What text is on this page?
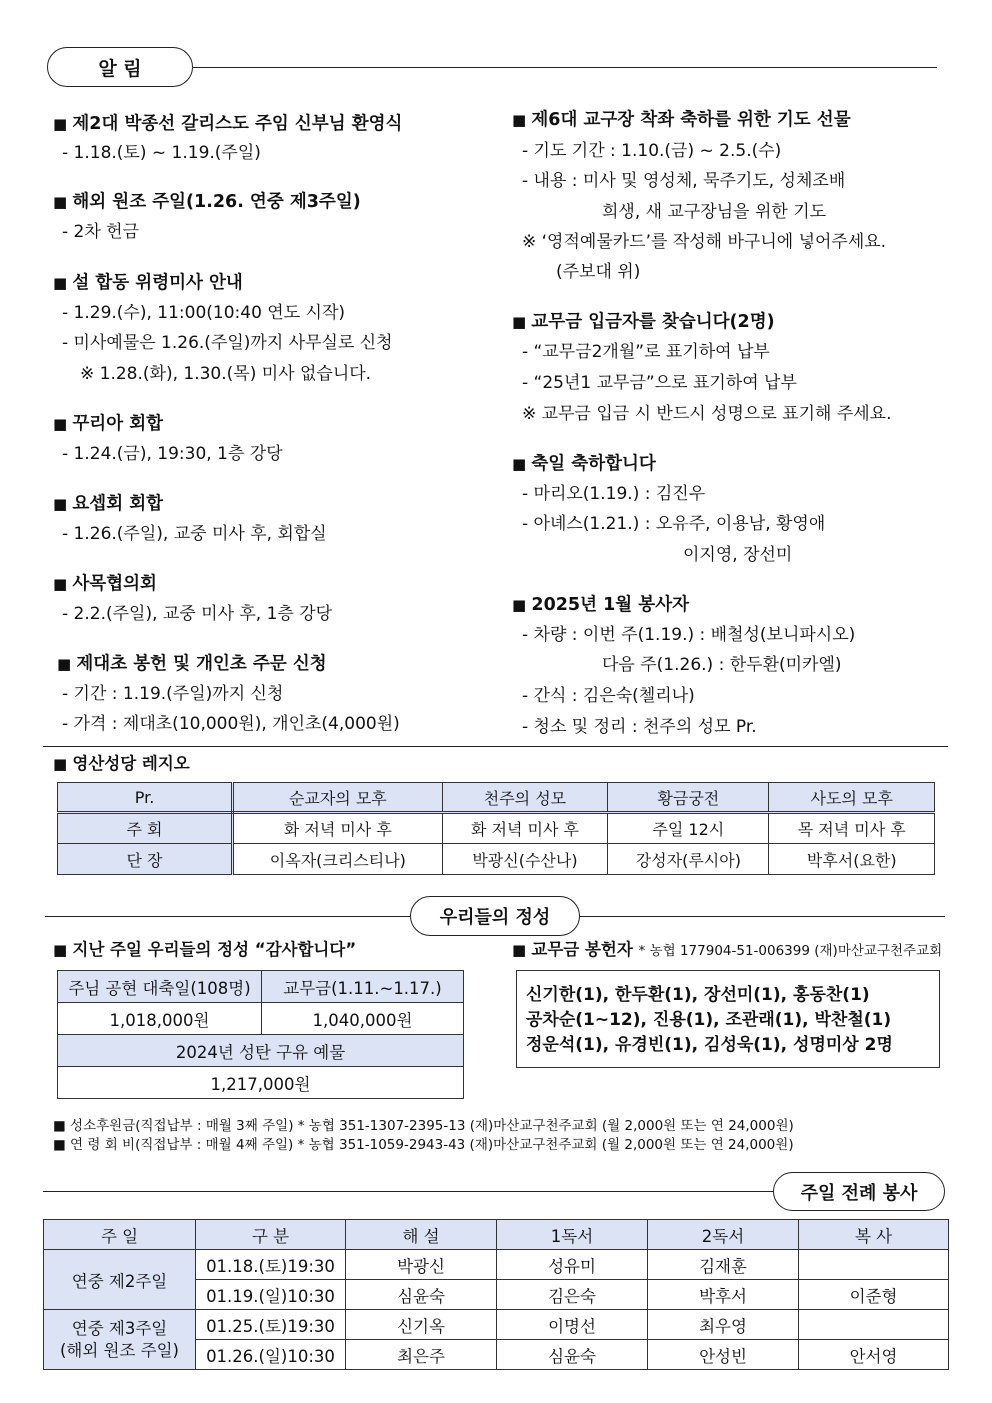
알 림
■ 제2대 박종선 갈리스도 주임 신부님 환영식
- 1.18.(토) ~ 1.19.(주일)
■ 해외 원조 주일(1.26. 연중 제3주일)
- 2차 헌금
■ 설 합동 위령미사 안내
- 1.29.(수), 11:00(10:40 연도 시작)
- 미사예물은 1.26.(주일)까지 사무실로 신청
※ 1.28.(화), 1.30.(목) 미사 없습니다.
■ 꾸리아 회합
- 1.24.(금), 19:30, 1층 강당
■ 요셉회 회합
- 1.26.(주일), 교중 미사 후, 회합실
■ 사목협의회
- 2.2.(주일), 교중 미사 후, 1층 강당
■ 제대초 봉헌 및 개인초 주문 신청
- 기간 : 1.19.(주일)까지 신청
- 가격 : 제대초(10,000원), 개인초(4,000원)
■ 제6대 교구장 착좌 축하를 위한 기도 선물
- 기도 기간 : 1.10.(금) ~ 2.5.(수)
- 내용 : 미사 및 영성체, 묵주기도, 성체조배
희생, 새 교구장님을 위한 기도
※ ‘영적예물카드’를 작성해 바구니에 넣어주세요.
(주보대 위)
■ 교무금 입금자를 찾습니다(2명)
- “교무금2개월”로 표기하여 납부
- “25년1 교무금”으로 표기하여 납부
※ 교무금 입금 시 반드시 성명으로 표기해 주세요.
■ 축일 축하합니다
- 마리오(1.19.) : 김진우
- 아녜스(1.21.) : 오유주, 이용남, 황영애
이지영, 장선미
■ 2025년 1월 봉사자
- 차량 : 이번 주(1.19.) : 배철성(보니파시오)
다음 주(1.26.) : 한두환(미카엘)
- 간식 : 김은숙(첼리나)
- 청소 및 정리 : 천주의 성모 Pr.
■ 영산성당 레지오
Pr.	순교자의 모후	천주의 성모	황금궁전	사도의 모후
주 회	화 저녁 미사 후	화 저녁 미사 후	주일 12시	목 저녁 미사 후
단 장	이옥자(크리스티나)	박광신(수산나)	강성자(루시아)	박후서(요한)
우리들의 정성
■ 지난 주일 우리들의 정성 “감사합니다”
주님 공현 대축일(108명)	교무금(1.11.~1.17.)
1,018,000원	1,040,000원
2024년 성탄 구유 예물	
1,217,000원	
■ 교무금 봉헌자 * 농협 177904-51-006399 (재)마산교구천주교회
신기한(1), 한두환(1), 장선미(1), 홍동찬(1)
공차순(1~12), 진용(1), 조관래(1), 박찬철(1)
정운석(1), 유경빈(1), 김성욱(1), 성명미상 2명
■ 성소후원금(직접납부 : 매월 3째 주일) * 농협 351-1307-2395-13 (재)마산교구천주교회 (월 2,000원 또는 연 24,000원)
■ 연 령 회 비(직접납부 : 매월 4째 주일) * 농협 351-1059-2943-43 (재)마산교구천주교회 (월 2,000원 또는 연 24,000원)
주일 전례 봉사
주 일	구 분	해 설	1독서	2독서	복 사
연중 제2주일	01.18.(토)19:30	박광신	성유미	김재훈	
	01.19.(일)10:30	심윤숙	김은숙	박후서	이준형

연중 제3주일
(해외 원조 주일)	01.25.(토)19:30	신기옥	이명선	최우영	
	01.26.(일)10:30	최은주	심윤숙	안성빈	안서영
